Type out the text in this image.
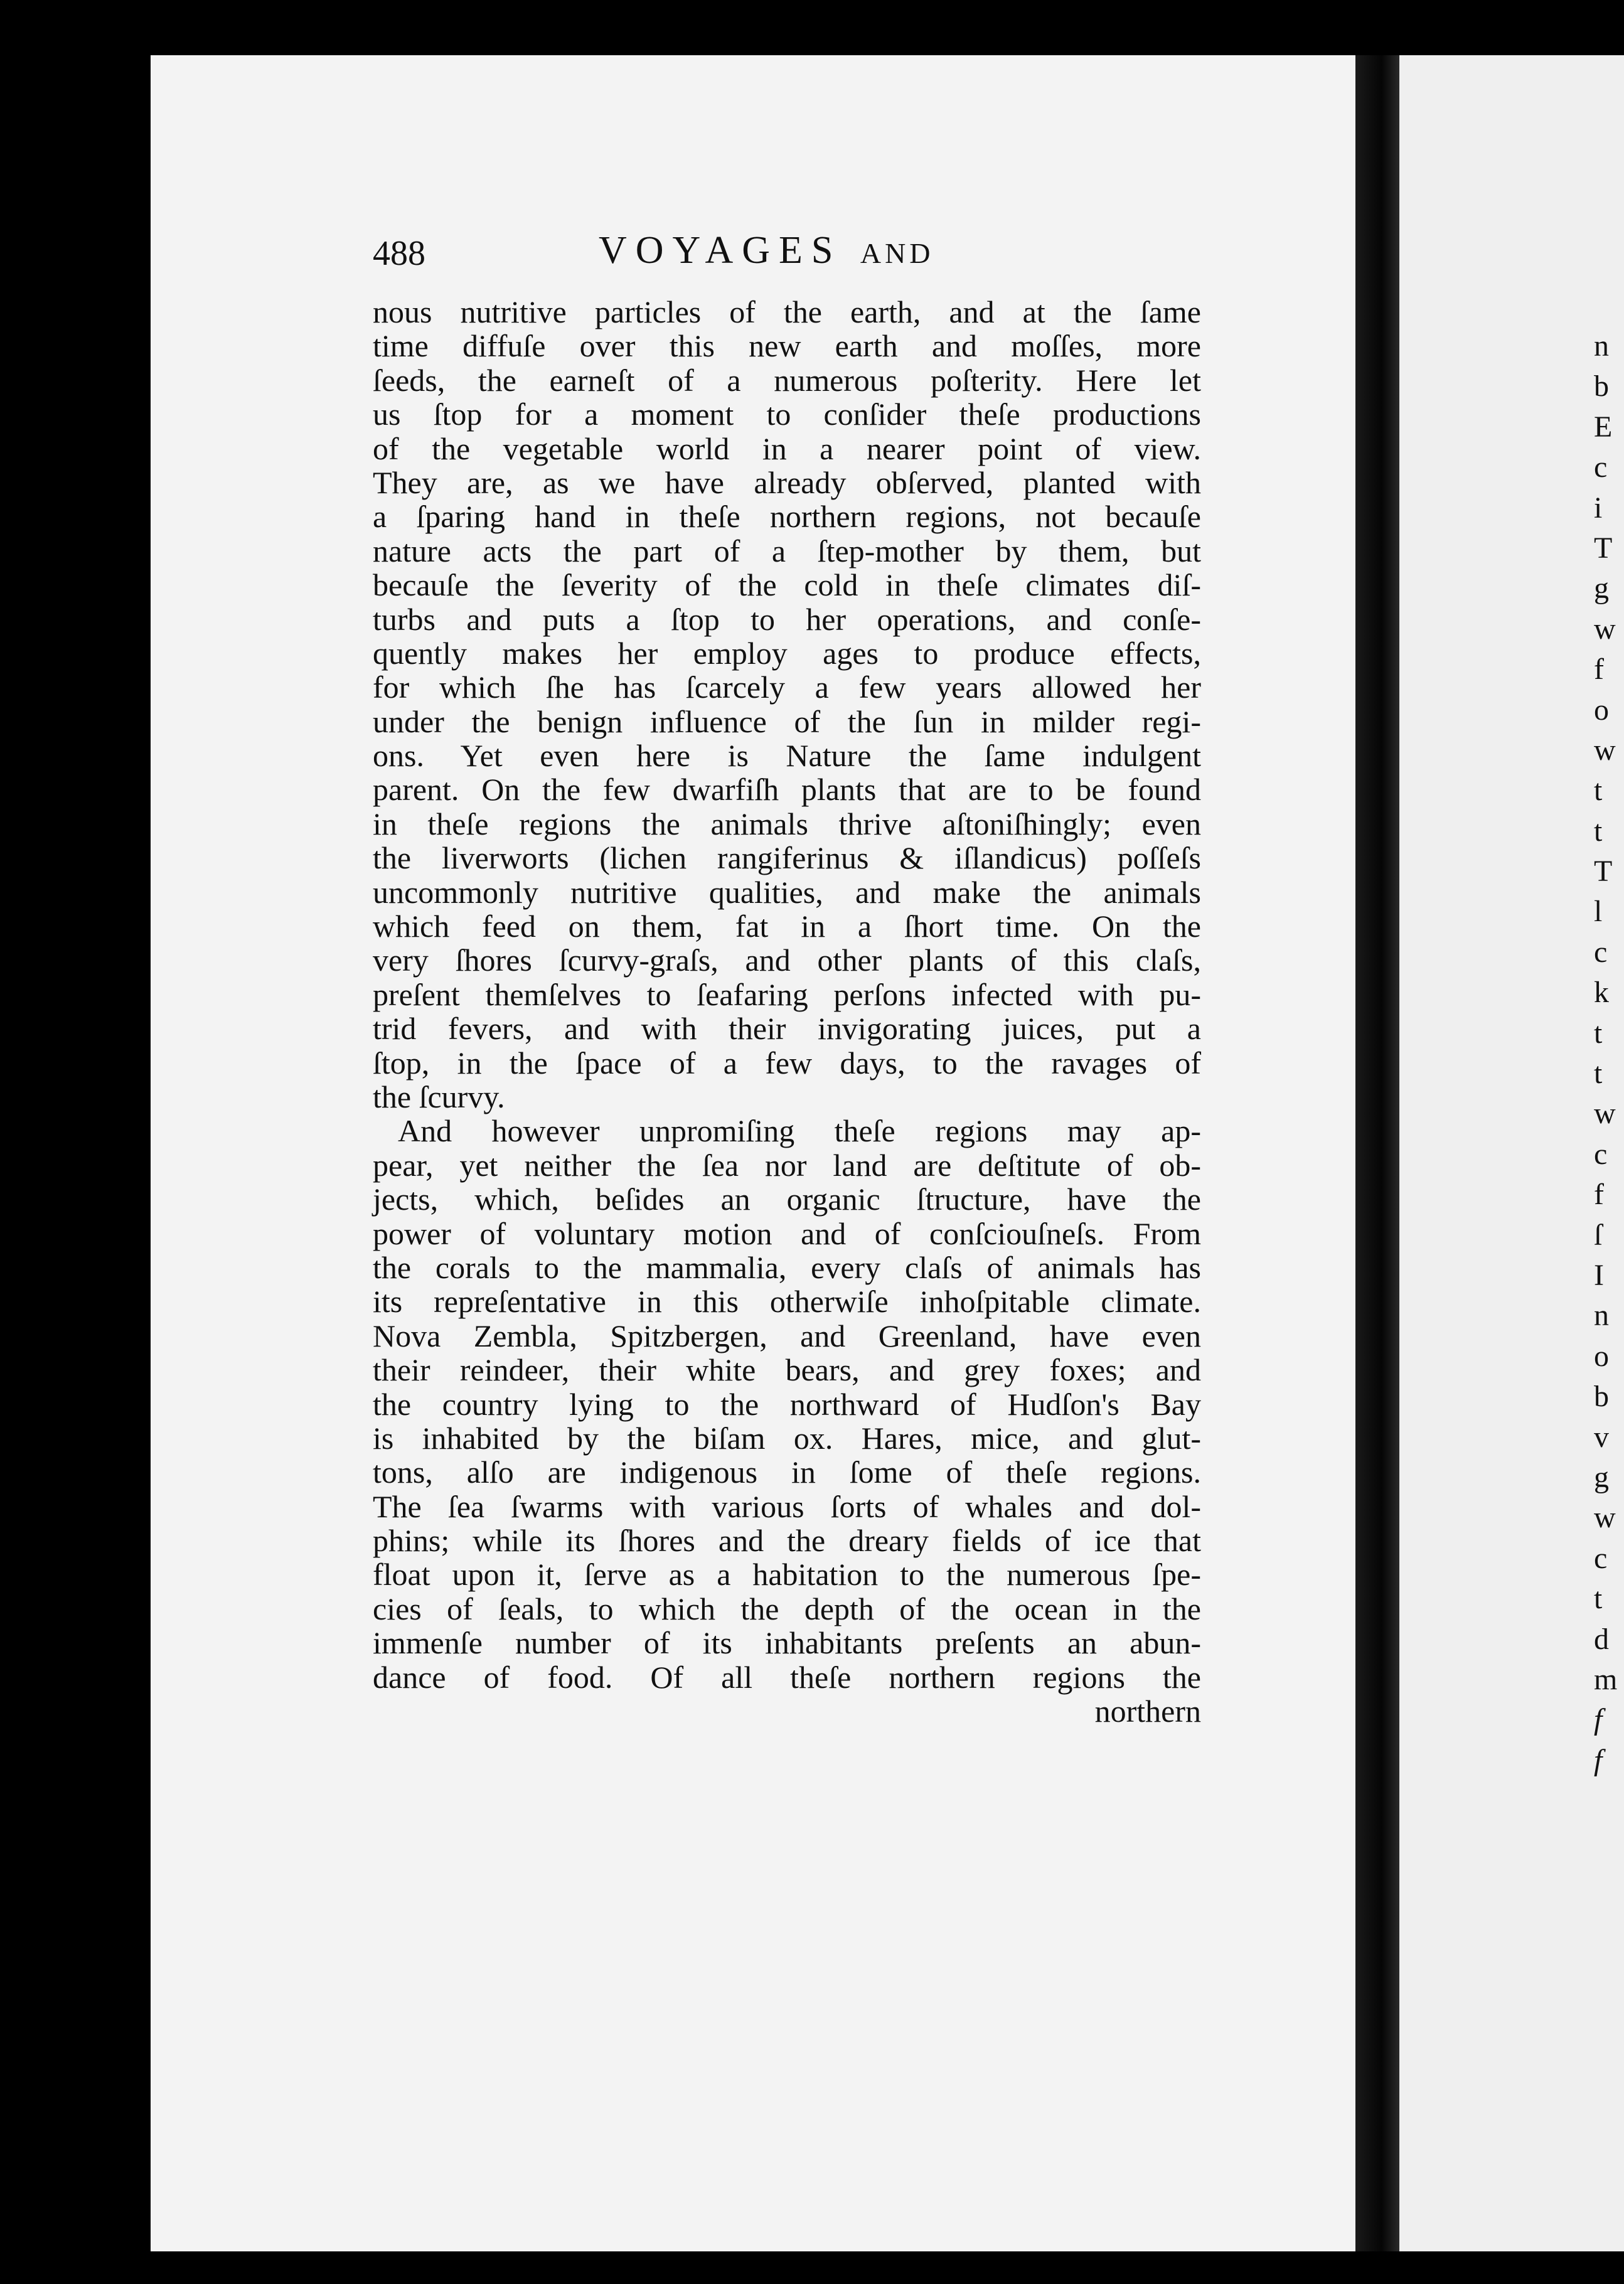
488	VOYAGES AND
nous nutritive particles of the earth, and at the ſame
time diffuſe over this new earth and moſſes, more
ſeeds, the earneſt of a numerous poſterity. Here let
us ſtop for a moment to conſider theſe productions
of the vegetable world in a nearer point of view.
They are, as we have already obſerved, planted with
a ſparing hand in theſe northern regions, not becauſe
nature acts the part of a ſtep-mother by them, but
becauſe the ſeverity of the cold in theſe climates diſ-
turbs and puts a ſtop to her operations, and conſe-
quently makes her employ ages to produce effects,
for which ſhe has ſcarcely a few years allowed her
under the benign influence of the ſun in milder regi-
ons. Yet even here is Nature the ſame indulgent
parent. On the few dwarfiſh plants that are to be found
in theſe regions the animals thrive aſtoniſhingly; even
the liverworts (lichen rangiferinus & iſlandicus) poſſeſs
uncommonly nutritive qualities, and make the animals
which feed on them, fat in a ſhort time. On the
very ſhores ſcurvy-graſs, and other plants of this claſs,
preſent themſelves to ſeafaring perſons infected with pu-
trid fevers, and with their invigorating juices, put a
ſtop, in the ſpace of a few days, to the ravages of
the ſcurvy.
And however unpromiſing theſe regions may ap-
pear, yet neither the ſea nor land are deſtitute of ob-
jects, which, beſides an organic ſtructure, have the
power of voluntary motion and of conſciouſneſs. From
the corals to the mammalia, every claſs of animals has
its repreſentative in this otherwiſe inhoſpitable climate.
Nova Zembla, Spitzbergen, and Greenland, have even
their reindeer, their white bears, and grey foxes; and
the country lying to the northward of Hudſon's Bay
is inhabited by the biſam ox. Hares, mice, and glut-
tons, alſo are indigenous in ſome of theſe regions.
The ſea ſwarms with various ſorts of whales and dol-
phins; while its ſhores and the dreary fields of ice that
float upon it, ſerve as a habitation to the numerous ſpe-
cies of ſeals, to which the depth of the ocean in the
immenſe number of its inhabitants preſents an abun-
dance of food. Of all theſe northern regions the
northern
n
b
E
c
i
T
g
w
f
o
w
t
t
T
l
c
k
t
t
w
c
f
ſ
I
n
o
b
v
g
w
c
t
d
m
f
f
